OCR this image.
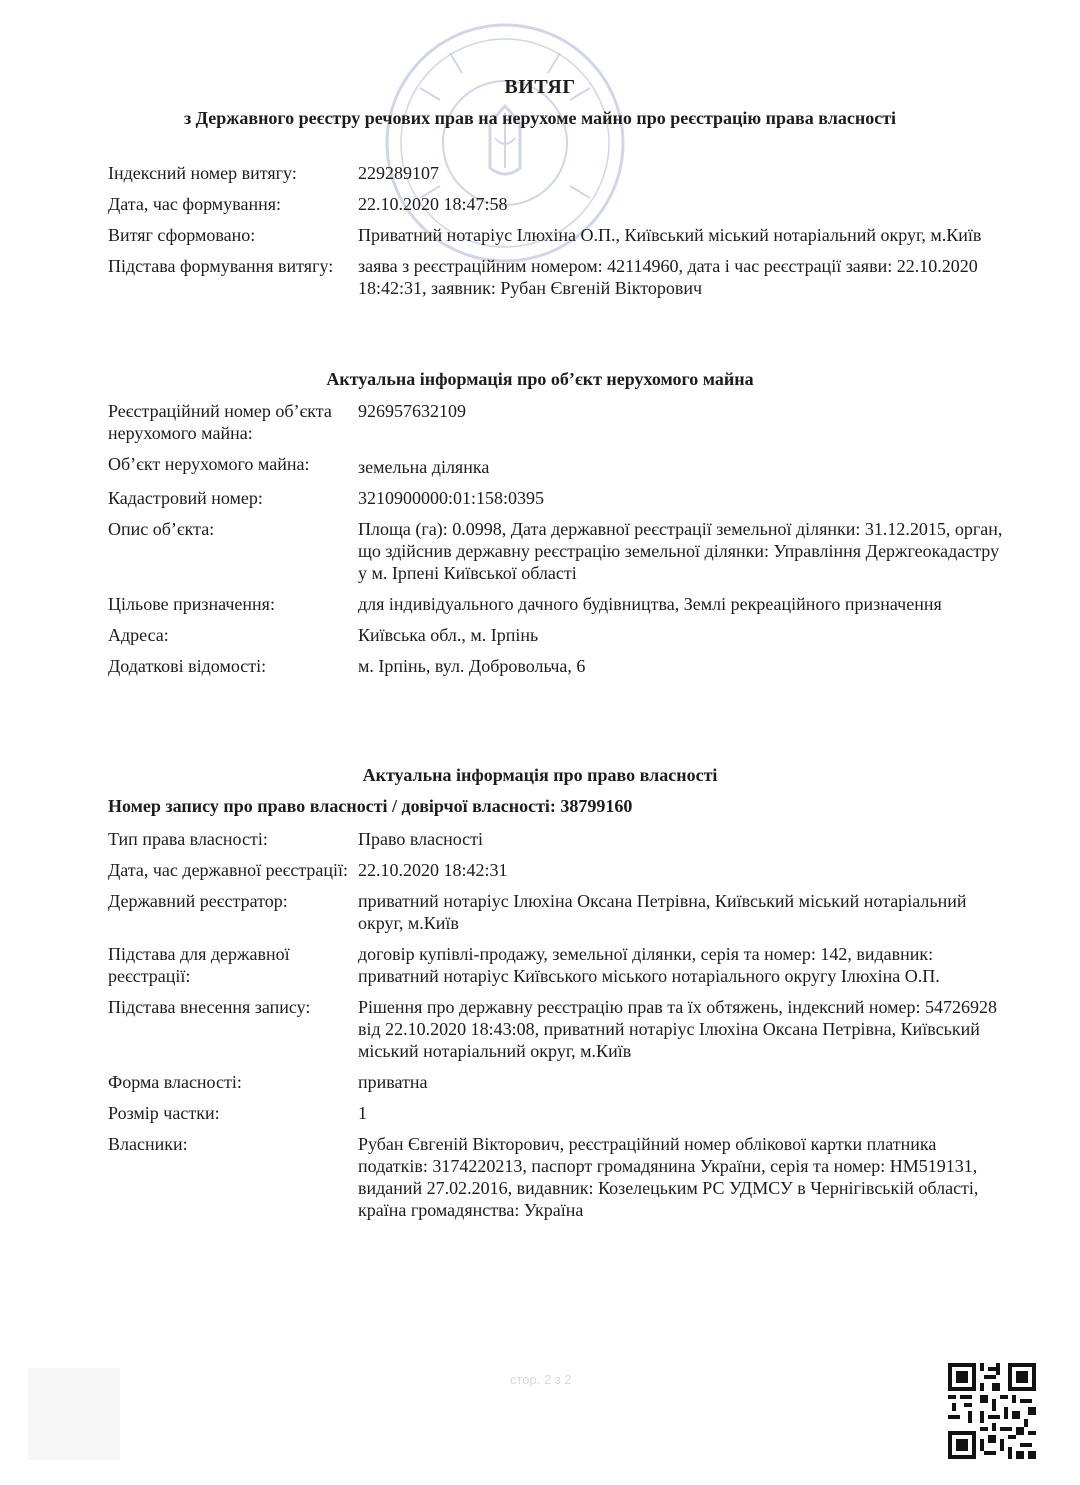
ВИТЯГ
з Державного реєстру речових прав на нерухоме майно про реєстрацію права власності
Індексний номер витягу:	229289107
Дата, час формування:	22.10.2020 18:47:58
Витяг сформовано:	Приватний нотаріус Ілюхіна О.П., Київський міський нотаріальний округ, м.Київ
Підстава формування витягу:	заява з реєстраційним номером: 42114960, дата і час реєстрації заяви: 22.10.2020 18:42:31, заявник: Рубан Євгеній Вікторович
Актуальна інформація про об’єкт нерухомого майна
Реєстраційний номер об’єкта нерухомого майна:
926957632109
Об’єкт нерухомого майна:	земельна ділянка
Кадастровий номер:	3210900000:01:158:0395
Опис об’єкта:	Площа (га): 0.0998, Дата державної реєстрації земельної ділянки: 31.12.2015, орган, що здійснив державну реєстрацію земельної ділянки: Управління Держгеокадастру у м. Ірпені Київської області
Цільове призначення:	для індивідуального дачного будівництва, Землі рекреаційного призначення
Адреса:	Київська обл., м. Ірпінь
Додаткові відомості:	м. Ірпінь, вул. Добровольча, 6
Актуальна інформація про право власності
Номер запису про право власності / довірчої власності: 38799160
Тип права власності:	Право власності
Дата, час державної реєстрації: 22.10.2020 18:42:31
Державний реєстратор:	приватний нотаріус Ілюхіна Оксана Петрівна, Київський міський нотаріальний округ, м.Київ
Підстава для державної реєстрації:
договір купівлі-продажу, земельної ділянки, серія та номер: 142, видавник: приватний нотаріус Київського міського нотаріального округу Ілюхіна О.П.
Підстава внесення запису:	Рішення про державну реєстрацію прав та їх обтяжень, індексний номер: 54726928 від 22.10.2020 18:43:08, приватний нотаріус Ілюхіна Оксана Петрівна, Київський міський нотаріальний округ, м.Київ
Форма власності:	приватна
Розмір частки:	1
Власники:	Рубан Євгеній Вікторович, реєстраційний номер облікової картки платника податків: 3174220213, паспорт громадянина України, серія та номер: НМ519131, виданий 27.02.2016, видавник: Козелецьким РС УДМСУ в Чернігівській області, країна громадянства: Україна
стор. 2 з 2
